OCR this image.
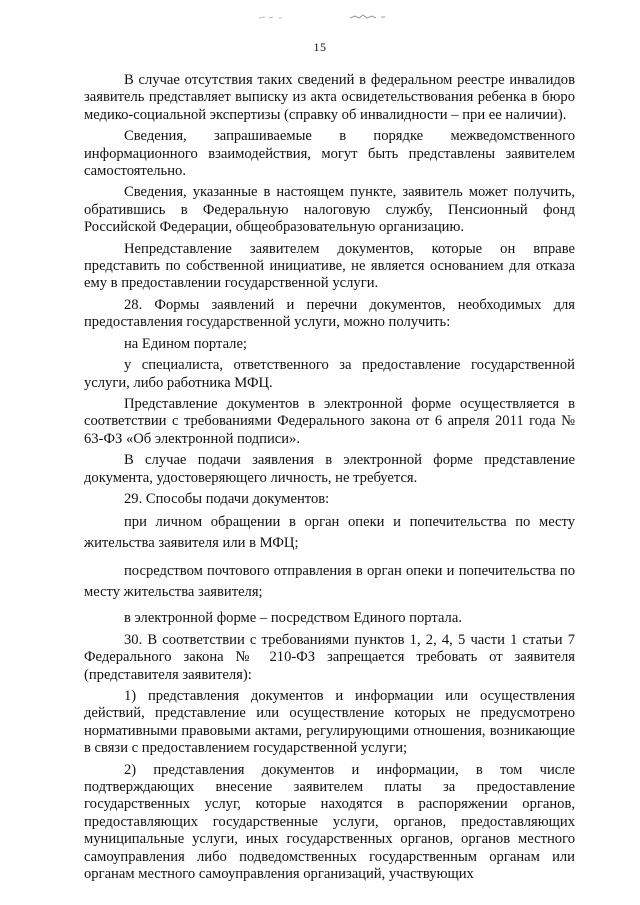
15

В случае отсутствия таких сведений в федеральном реестре инвалидов заявитель представляет выписку из акта освидетельствования ребенка в бюро медико-социальной экспертизы (справку об инвалидности – при ее наличии).

Сведения, запрашиваемые в порядке межведомственного информационного взаимодействия, могут быть представлены заявителем самостоятельно.

Сведения, указанные в настоящем пункте, заявитель может получить, обратившись в Федеральную налоговую службу, Пенсионный фонд Российской Федерации, общеобразовательную организацию.

Непредставление заявителем документов, которые он вправе представить по собственной инициативе, не является основанием для отказа ему в предоставлении государственной услуги.

28. Формы заявлений и перечни документов, необходимых для предоставления государственной услуги, можно получить:

на Едином портале;

у специалиста, ответственного за предоставление государственной услуги, либо работника МФЦ.

Представление документов в электронной форме осуществляется в соответствии с требованиями Федерального закона от 6 апреля 2011 года № 63-ФЗ «Об электронной подписи».

В случае подачи заявления в электронной форме представление документа, удостоверяющего личность, не требуется.

29. Способы подачи документов:

при личном обращении в орган опеки и попечительства по месту жительства заявителя или в МФЦ;

посредством почтового отправления в орган опеки и попечительства по месту жительства заявителя;

в электронной форме – посредством Единого портала.

30. В соответствии с требованиями пунктов 1, 2, 4, 5 части 1 статьи 7 Федерального закона № 210-ФЗ запрещается требовать от заявителя (представителя заявителя):

1) представления документов и информации или осуществления действий, представление или осуществление которых не предусмотрено нормативными правовыми актами, регулирующими отношения, возникающие в связи с предоставлением государственной услуги;

2) представления документов и информации, в том числе подтверждающих внесение заявителем платы за предоставление государственных услуг, которые находятся в распоряжении органов, предоставляющих государственные услуги, органов, предоставляющих муниципальные услуги, иных государственных органов, органов местного самоуправления либо подведомственных государственным органам или органам местного самоуправления организаций, участвующих
